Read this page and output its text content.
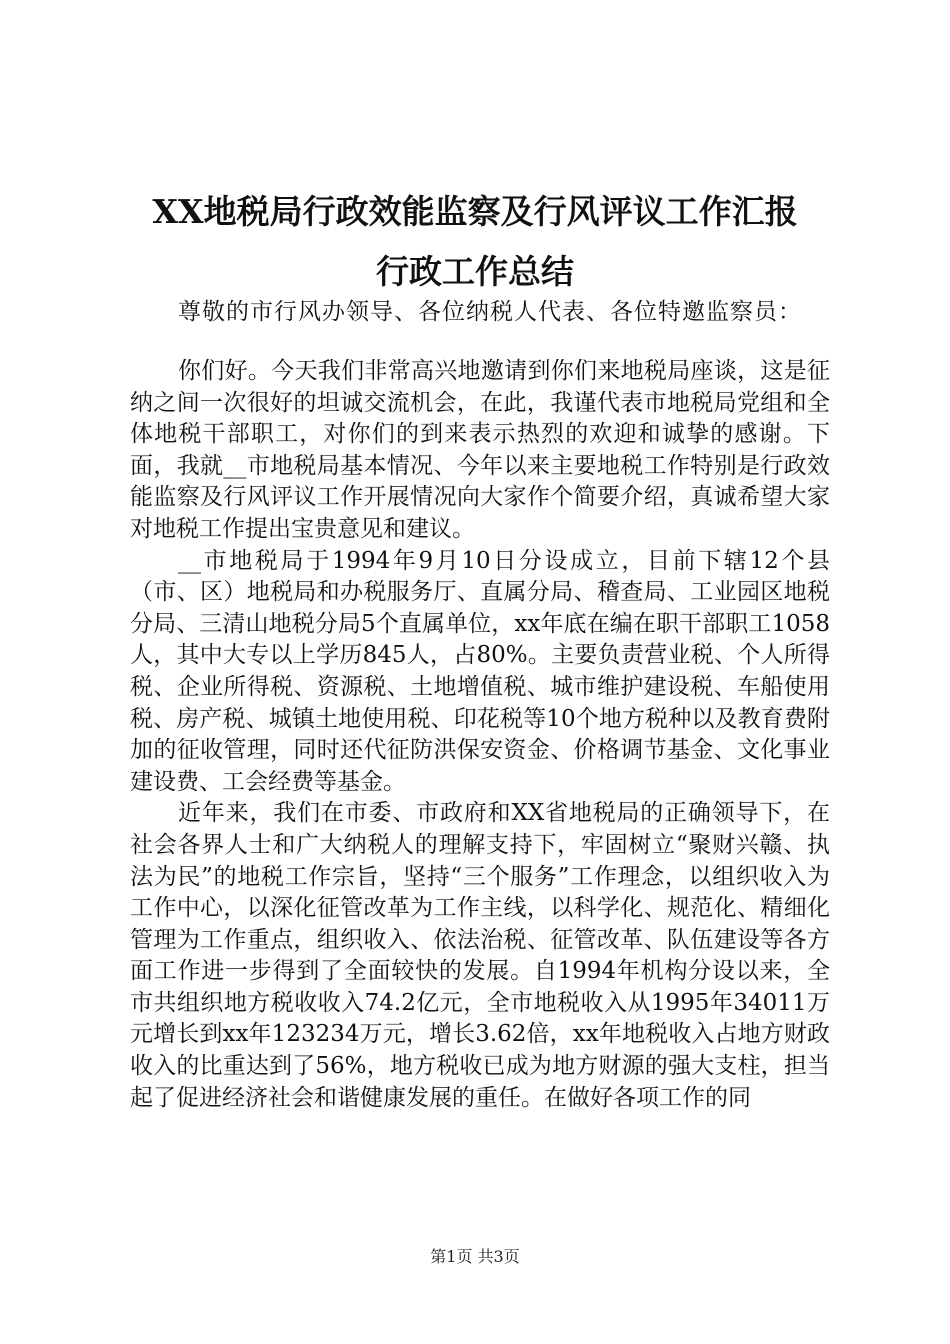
XX地税局行政效能监察及行风评议工作汇报
行政工作总结

尊敬的市行风办领导、各位纳税人代表、各位特邀监察员：

你们好。今天我们非常高兴地邀请到你们来地税局座谈，这是征纳之间一次很好的坦诚交流机会，在此，我谨代表市地税局党组和全体地税干部职工，对你们的到来表示热烈的欢迎和诚挚的感谢。下面，我就__市地税局基本情况、今年以来主要地税工作特别是行政效能监察及行风评议工作开展情况向大家作个简要介绍，真诚希望大家对地税工作提出宝贵意见和建议。

__市地税局于1994年9月10日分设成立，目前下辖12个县（市、区）地税局和办税服务厅、直属分局、稽查局、工业园区地税分局、三清山地税分局5个直属单位，xx年底在编在职干部职工1058人，其中大专以上学历845人，占80%。主要负责营业税、个人所得税、企业所得税、资源税、土地增值税、城市维护建设税、车船使用税、房产税、城镇土地使用税、印花税等10个地方税种以及教育费附加的征收管理，同时还代征防洪保安资金、价格调节基金、文化事业建设费、工会经费等基金。

近年来，我们在市委、市政府和XX省地税局的正确领导下，在社会各界人士和广大纳税人的理解支持下，牢固树立“聚财兴赣、执法为民”的地税工作宗旨，坚持“三个服务”工作理念，以组织收入为工作中心，以深化征管改革为工作主线，以科学化、规范化、精细化管理为工作重点，组织收入、依法治税、征管改革、队伍建设等各方面工作进一步得到了全面较快的发展。自1994年机构分设以来，全市共组织地方税收收入74.2亿元，全市地税收入从1995年34011万元增长到xx年123234万元，增长3.62倍，xx年地税收入占地方财政收入的比重达到了56%，地方税收已成为地方财源的强大支柱，担当起了促进经济社会和谐健康发展的重任。在做好各项工作的同

第1页 共3页
